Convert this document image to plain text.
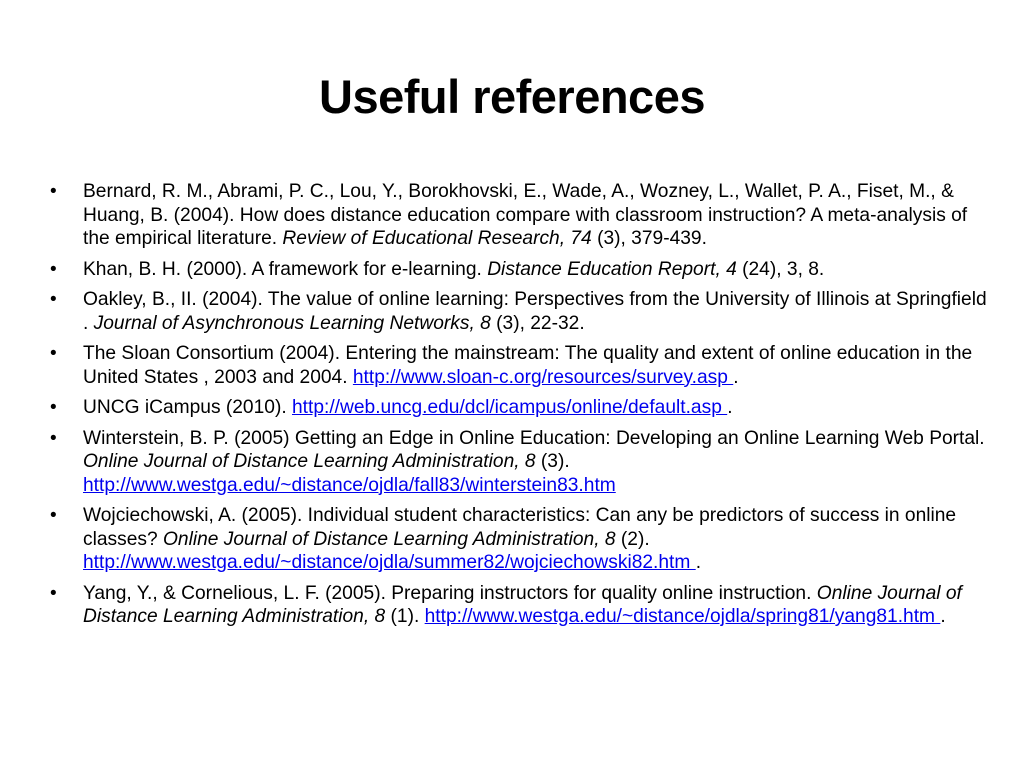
Useful references
•	Bernard, R. M., Abrami, P. C., Lou, Y., Borokhovski, E., Wade, A., Wozney, L., Wallet, P. A., Fiset, M., & Huang, B. (2004). How does distance education compare with classroom instruction? A meta-analysis of the empirical literature. Review of Educational Research, 74 (3), 379-439.
•	Khan, B. H. (2000). A framework for e-learning. Distance Education Report, 4 (24), 3, 8.
•	Oakley, B., II. (2004). The value of online learning: Perspectives from the University of Illinois at Springfield . Journal of Asynchronous Learning Networks, 8 (3), 22-32.
•	The Sloan Consortium (2004). Entering the mainstream: The quality and extent of online education in the United States , 2003 and 2004. http://www.sloan-c.org/resources/survey.asp .
•	UNCG iCampus (2010). http://web.uncg.edu/dcl/icampus/online/default.asp .
•	Winterstein, B. P. (2005) Getting an Edge in Online Education: Developing an Online Learning Web Portal. Online Journal of Distance Learning Administration, 8 (3). http://www.westga.edu/~distance/ojdla/fall83/winterstein83.htm
•	Wojciechowski, A. (2005). Individual student characteristics: Can any be predictors of success in online classes? Online Journal of Distance Learning Administration, 8 (2). http://www.westga.edu/~distance/ojdla/summer82/wojciechowski82.htm .
•	Yang, Y., & Cornelious, L. F. (2005). Preparing instructors for quality online instruction. Online Journal of Distance Learning Administration, 8 (1). http://www.westga.edu/~distance/ojdla/spring81/yang81.htm .
